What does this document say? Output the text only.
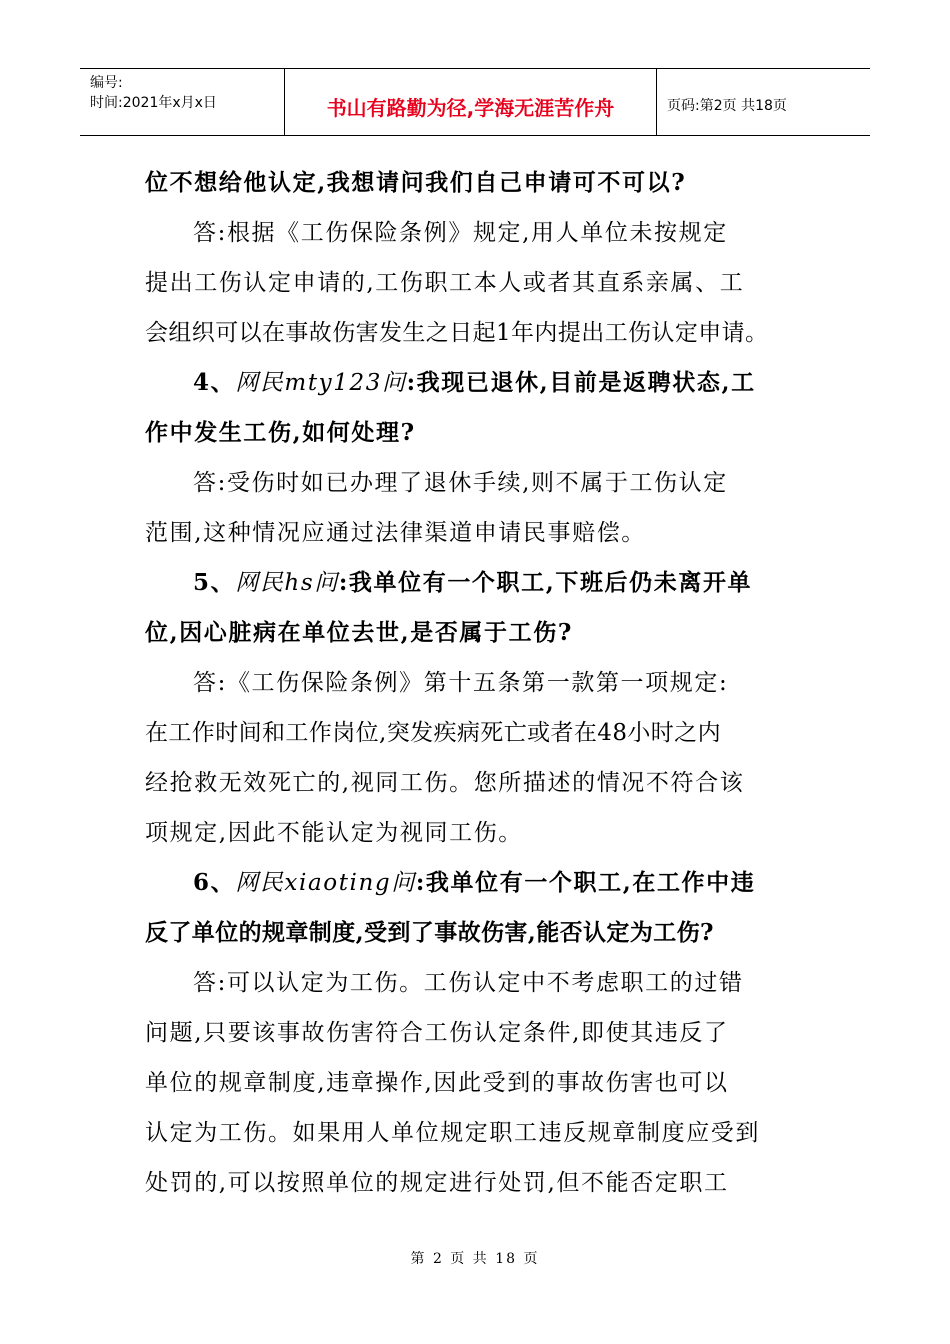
编号:
时间:2021年x月x日	书山有路勤为径,学海无涯苦作舟	页码:第2页 共18页
位不想给他认定,我想请问我们自己申请可不可以?
答:根据《工伤保险条例》规定,用人单位未按规定
提出工伤认定申请的,工伤职工本人或者其直系亲属、工
会组织可以在事故伤害发生之日起1年内提出工伤认定申请。
4、网民mty123问:我现已退休,目前是返聘状态,工
作中发生工伤,如何处理?
答:受伤时如已办理了退休手续,则不属于工伤认定
范围,这种情况应通过法律渠道申请民事赔偿。
5、网民hs问:我单位有一个职工,下班后仍未离开单
位,因心脏病在单位去世,是否属于工伤?
答:《工伤保险条例》第十五条第一款第一项规定:
在工作时间和工作岗位,突发疾病死亡或者在48小时之内
经抢救无效死亡的,视同工伤。您所描述的情况不符合该
项规定,因此不能认定为视同工伤。
6、网民xiaoting问:我单位有一个职工,在工作中违
反了单位的规章制度,受到了事故伤害,能否认定为工伤?
答:可以认定为工伤。工伤认定中不考虑职工的过错
问题,只要该事故伤害符合工伤认定条件,即使其违反了
单位的规章制度,违章操作,因此受到的事故伤害也可以
认定为工伤。如果用人单位规定职工违反规章制度应受到
处罚的,可以按照单位的规定进行处罚,但不能否定职工
第 2 页 共 18 页
